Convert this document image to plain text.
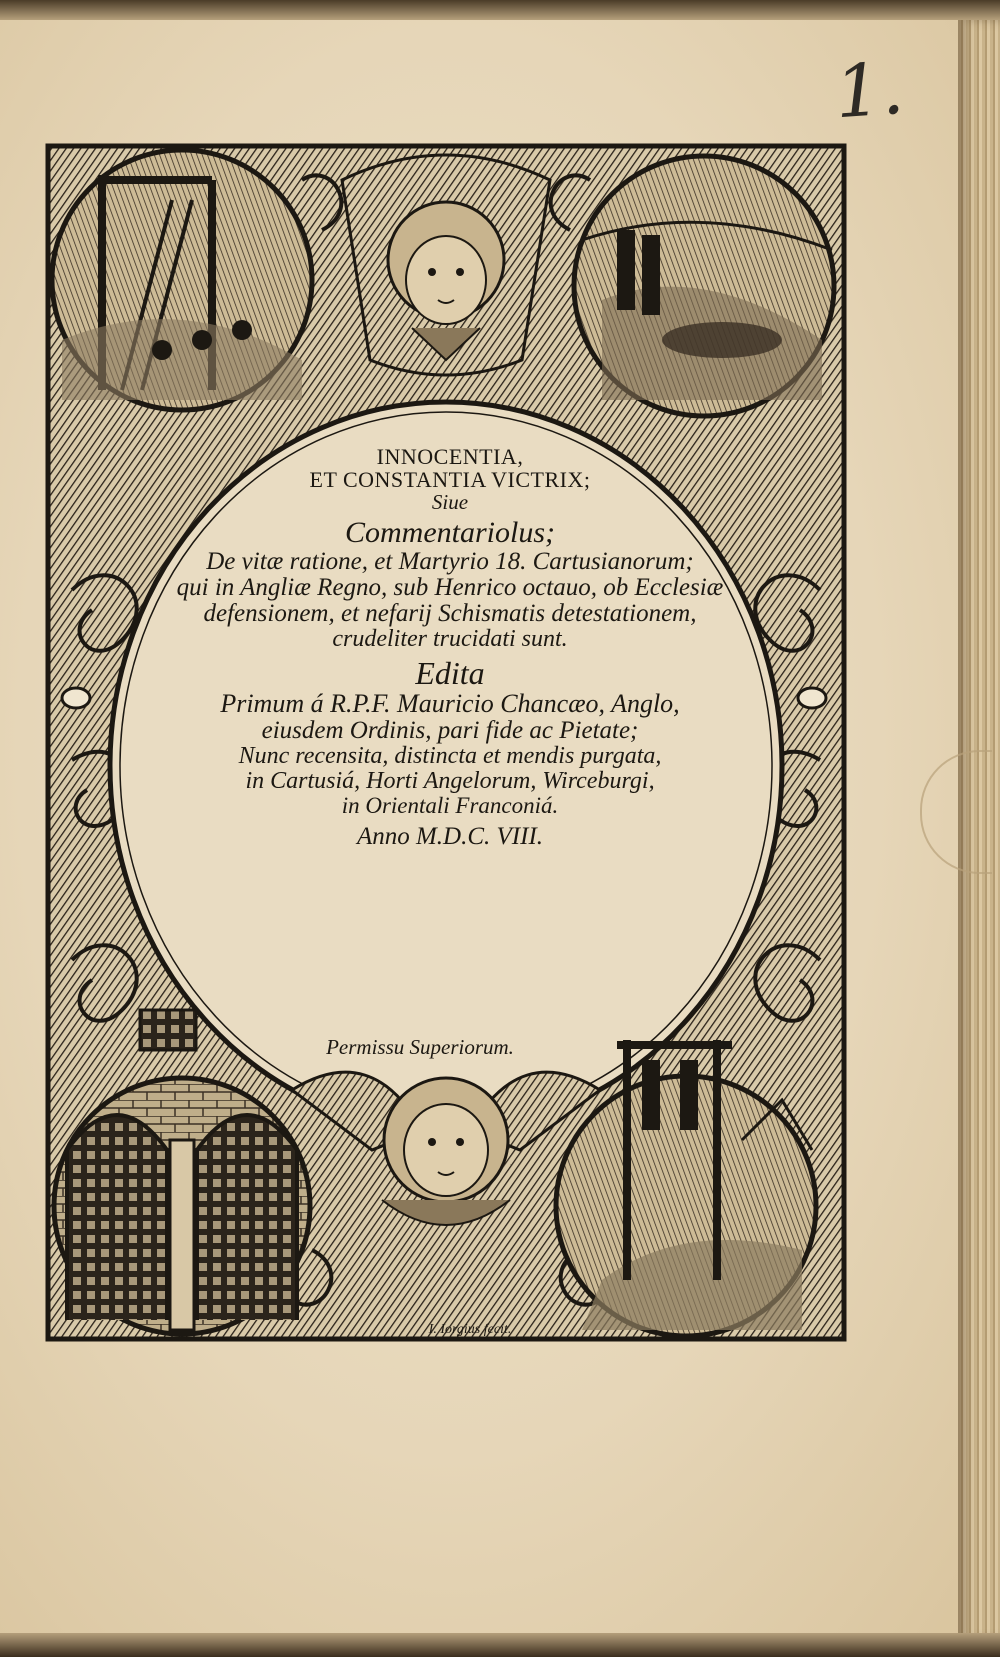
1.
INNOCENTIA,
ET CONSTANTIA VICTRIX;
Siue
Commentariolus;
De vitæ ratione, et Martyrio 18. Cartusianorum;
qui in Angliæ Regno, sub Henrico octauo, ob Ecclesiæ
defensionem, et nefarij Schismatis detestationem,
crudeliter trucidati sunt.
Edita
Primum á R.P.F. Mauricio Chancæo, Anglo,
eiusdem Ordinis, pari fide ac Pietate;
Nunc recensita, distincta et mendis purgata,
in Cartusiá, Horti Angelorum, Wirceburgi,
in Orientali Franconiá.
Anno M.D.C. VIII.
Permissu Superiorum.
I. Iorgius fecit.
